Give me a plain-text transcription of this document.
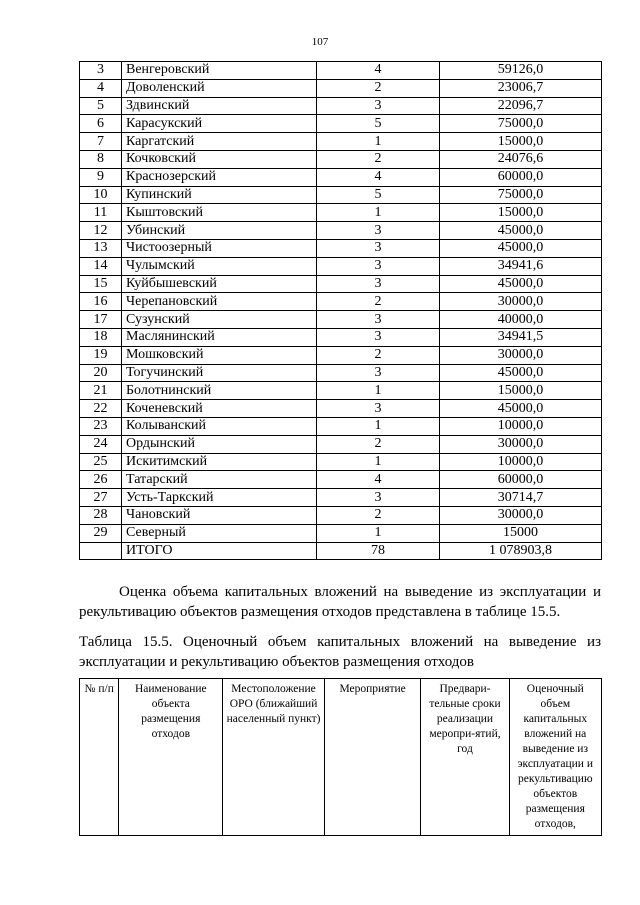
107
3	Венгеровский	4	59126,0
4	Доволенский	2	23006,7
5	Здвинский	3	22096,7
6	Карасукский	5	75000,0
7	Каргатский	1	15000,0
8	Кочковский	2	24076,6
9	Краснозерский	4	60000,0
10	Купинский	5	75000,0
11	Кыштовский	1	15000,0
12	Убинский	3	45000,0
13	Чистоозерный	3	45000,0
14	Чулымский	3	34941,6
15	Куйбышевский	3	45000,0
16	Черепановский	2	30000,0
17	Сузунский	3	40000,0
18	Маслянинский	3	34941,5
19	Мошковский	2	30000,0
20	Тогучинский	3	45000,0
21	Болотнинский	1	15000,0
22	Коченевский	3	45000,0
23	Колыванский	1	10000,0
24	Ордынский	2	30000,0
25	Искитимский	1	10000,0
26	Татарский	4	60000,0
27	Усть-Таркский	3	30714,7
28	Чановский	2	30000,0
29	Северный	1	15000
	ИТОГО	78	1 078903,8
Оценка объема капитальных вложений на выведение из эксплуатации и рекультивацию объектов размещения отходов представлена в таблице 15.5.
Таблица 15.5. Оценочный объем капитальных вложений на выведение из эксплуатации и рекультивацию объектов размещения отходов
№ п/п	Наименование объекта размещения отходов	Местоположение ОРО (ближайший населенный пункт)	Мероприятие	Предвари-тельные сроки реализации меропри-ятий, год	Оценочный объем капитальных вложений на выведение из эксплуатации и рекультивацию объектов размещения отходов,
